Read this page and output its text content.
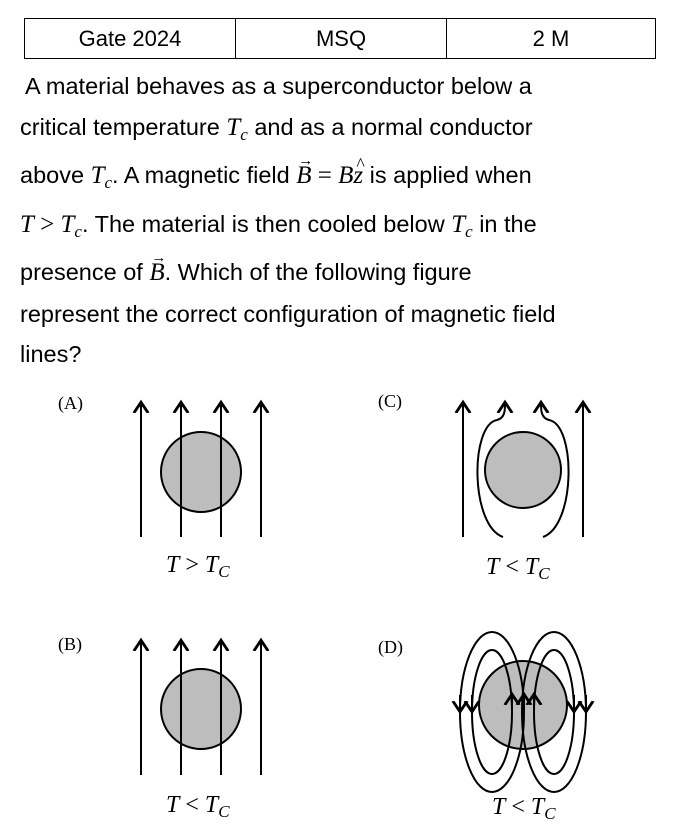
Gate 2024	MSQ	2 M
A material behaves as a superconductor below a
critical temperature $T_c$ and as a normal conductor
above $T_c$. A magnetic field → B = B^ z is applied when
$T > T_c$. The material is then cooled below $T_c$ in the
presence of → B. Which of the following figure
represent the correct configuration of magnetic field
lines?
(A)	(C)
(B)	(D)
$T > T_C$	$T < T_C$
$T < T_C$	$T < T_C$
